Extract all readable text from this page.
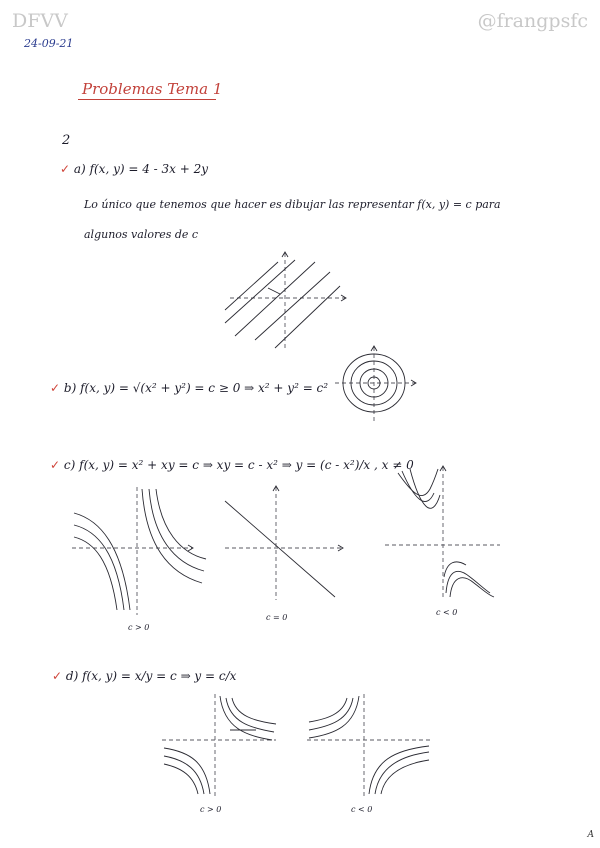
DFVV	@frangpsfc
24-09-21
Problemas Tema 1
2
✓ a) f(x, y) = 4 - 3x + 2y
Lo único que tenemos que hacer es dibujar las representar f(x, y) = c para
algunos valores de c
✓ b) f(x, y) = √(x² + y²) = c ≥ 0 ⇒ x² + y² = c²
✓ c) f(x, y) = x² + xy = c ⇒ xy = c - x² ⇒ y = (c - x²)/x , x ≠ 0
c > 0
c = 0
c < 0
✓ d) f(x, y) = x/y = c ⇒ y = c/x
c > 0	c < 0
A
